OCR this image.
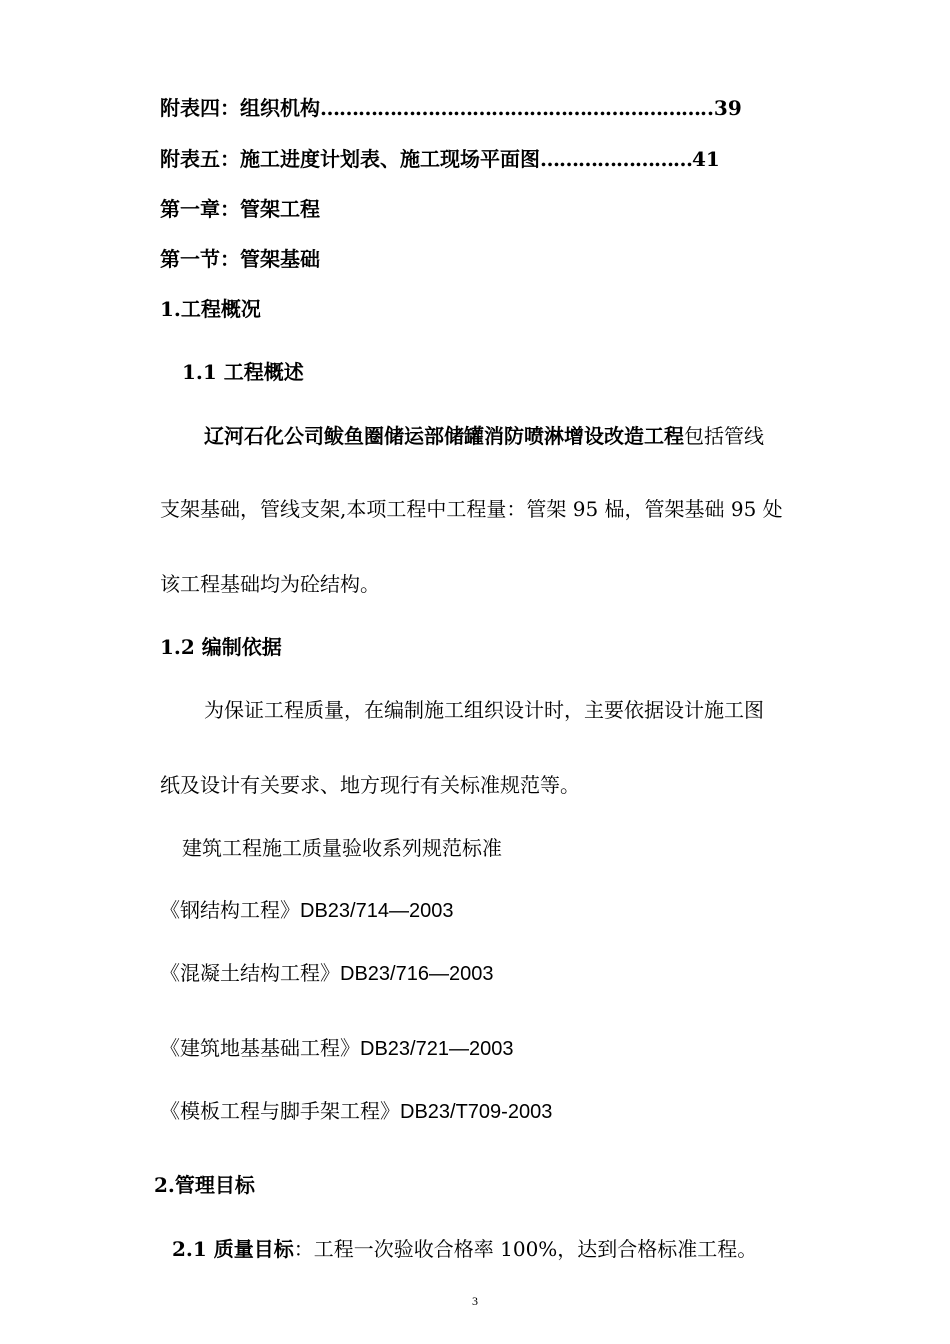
附表四：组织机构……………………………………………………..39
附表五：施工进度计划表、施工现场平面图……………………41
第一章：管架工程
第一节：管架基础
1.工程概况
1.1 工程概述
辽河石化公司鲅鱼圈储运部储罐消防喷淋增设改造工程包括管线
支架基础，管线支架,本项工程中工程量：管架 95 榀，管架基础 95 处
该工程基础均为砼结构。
1.2 编制依据
为保证工程质量，在编制施工组织设计时，主要依据设计施工图
纸及设计有关要求、地方现行有关标准规范等。
建筑工程施工质量验收系列规范标准
《钢结构工程》DB23/714—2003
《混凝土结构工程》DB23/716—2003
《建筑地基基础工程》DB23/721—2003
《模板工程与脚手架工程》DB23/T709-2003
2.管理目标
2.1 质量目标：工程一次验收合格率 100%，达到合格标准工程。
3
